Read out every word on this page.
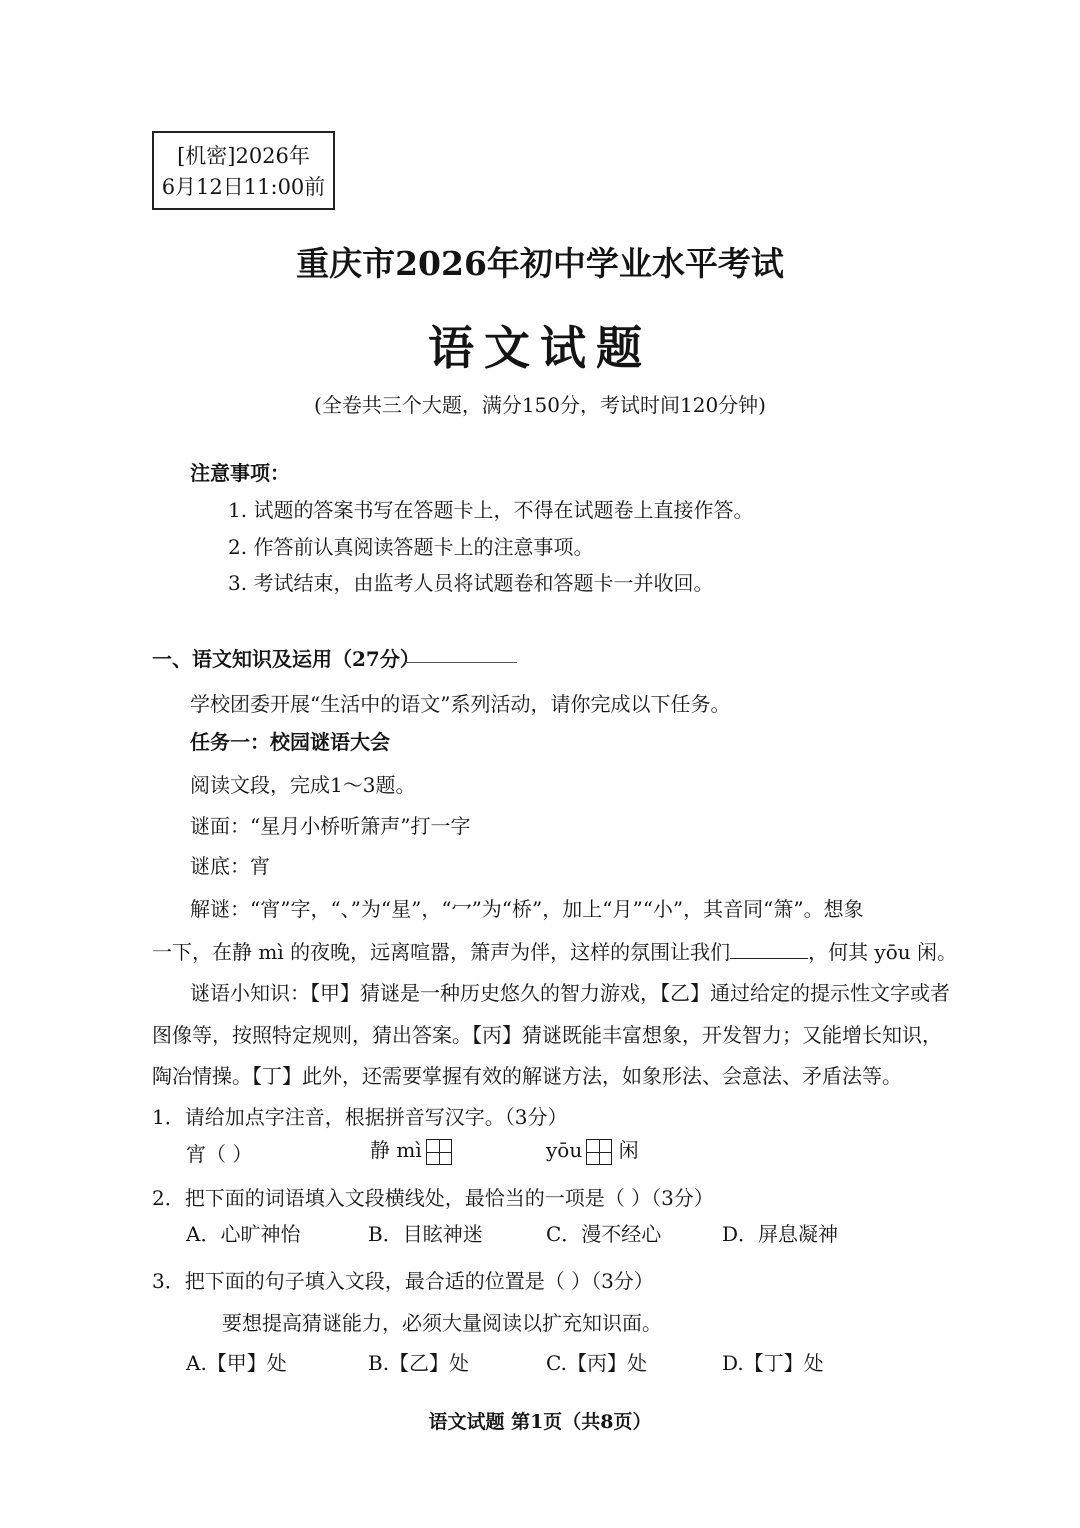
[机密]2026年
6月12日11:00前
重庆市2026年初中学业水平考试
语文试题
(全卷共三个大题，满分150分，考试时间120分钟)
注意事项：
1. 试题的答案书写在答题卡上，不得在试题卷上直接作答。
2. 作答前认真阅读答题卡上的注意事项。
3. 考试结束，由监考人员将试题卷和答题卡一并收回。
一、语文知识及运用（27分）
学校团委开展“生活中的语文”系列活动，请你完成以下任务。
任务一：校园谜语大会
阅读文段，完成1～3题。
谜面：“星月小桥听箫声”打一字
谜底：宵
解谜：“宵”字，“、”为“星”，“冖”为“桥”，加上“月”“小”，其音同“箫”。想象
一下，在静 mì 的夜晚，远离喧嚣，箫声为伴，这样的氛围让我们	，何其 yōu 闲。
谜语小知识：【甲】猜谜是一种历史悠久的智力游戏，【乙】通过给定的提示性文字或者
图像等，按照特定规则，猜出答案。【丙】猜谜既能丰富想象，开发智力；又能增长知识，
陶冶情操。【丁】此外，还需要掌握有效的解谜方法，如象形法、会意法、矛盾法等。
1．请给加点字注音，根据拼音写汉字。（3分）
宵（ ）	静 mì	yōu 闲
2．把下面的词语填入文段横线处，最恰当的一项是（ ）（3分）
A．心旷神怡	B．目眩神迷	C．漫不经心	D．屏息凝神
3．把下面的句子填入文段，最合适的位置是（ ）（3分）
要想提高猜谜能力，必须大量阅读以扩充知识面。
A.【甲】处	B.【乙】处	C.【丙】处	D.【丁】处
语文试题 第1页（共8页）
